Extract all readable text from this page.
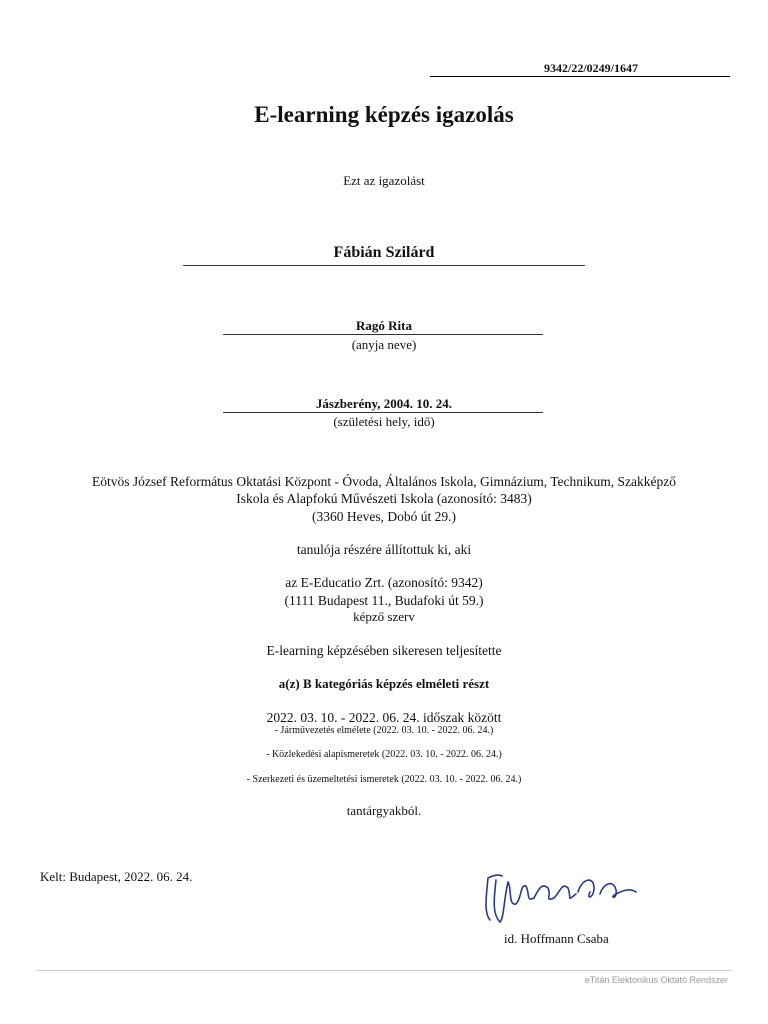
9342/22/0249/1647
E-learning képzés igazolás
Ezt az igazolást
Fábián Szilárd
Ragó Rita
(anyja neve)
Jászberény, 2004. 10. 24.
(születési hely, idő)
Eötvös József Református Oktatási Központ - Óvoda, Általános Iskola, Gimnázium, Technikum, Szakképző
Iskola és Alapfokú Művészeti Iskola (azonosító: 3483)
(3360 Heves, Dobó út 29.)
tanulója részére állítottuk ki, aki
az E-Educatio Zrt. (azonosító: 9342)
(1111 Budapest 11., Budafoki út 59.)
képző szerv
E-learning képzésében sikeresen teljesítette
a(z) B kategóriás képzés elméleti részt
2022. 03. 10. - 2022. 06. 24. időszak között
- Járművezetés elmélete (2022. 03. 10. - 2022. 06. 24.)
- Közlekedési alapismeretek (2022. 03. 10. - 2022. 06. 24.)
- Szerkezeti és üzemeltetési ismeretek (2022. 03. 10. - 2022. 06. 24.)
tantárgyakból.
Kelt: Budapest, 2022. 06. 24.
id. Hoffmann Csaba
eTitán Elektonikus Oktató Rendszer
